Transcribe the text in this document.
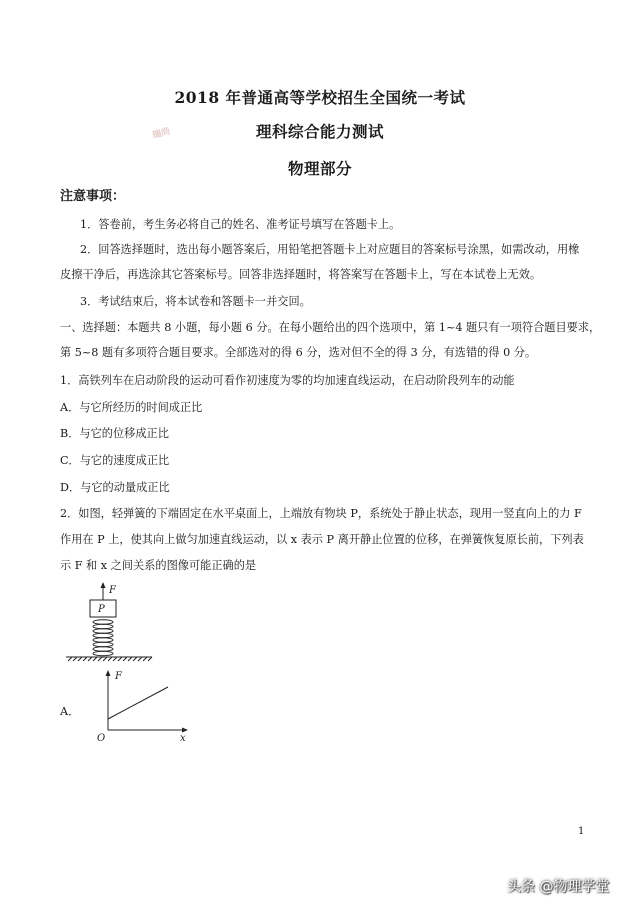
2018 年普通高等学校招生全国统一考试
瑞尚	理科综合能力测试
物理部分
注意事项：
1．答卷前，考生务必将自己的姓名、准考证号填写在答题卡上。
2．回答选择题时，选出每小题答案后，用铅笔把答题卡上对应题目的答案标号涂黑，如需改动，用橡
皮擦干净后，再选涂其它答案标号。回答非选择题时，将答案写在答题卡上，写在本试卷上无效。
3．考试结束后，将本试卷和答题卡一并交回。
一、选择题：本题共 8 小题，每小题 6 分。在每小题给出的四个选项中，第 1~4 题只有一项符合题目要求，
第 5~8 题有多项符合题目要求。全部选对的得 6 分，选对但不全的得 3 分，有选错的得 0 分。
1．高铁列车在启动阶段的运动可看作初速度为零的均加速直线运动，在启动阶段列车的动能
A．与它所经历的时间成正比
B．与它的位移成正比
C．与它的速度成正比
D．与它的动量成正比
2．如图，轻弹簧的下端固定在水平桌面上，上端放有物块 P，系统处于静止状态，现用一竖直向上的力 F
作用在 P 上，使其向上做匀加速直线运动，以 x 表示 P 离开静止位置的位移，在弹簧恢复原长前，下列表
示 F 和 x 之间关系的图像可能正确的是
F
P
A．
F
O	x
1
头条 @物理学堂
